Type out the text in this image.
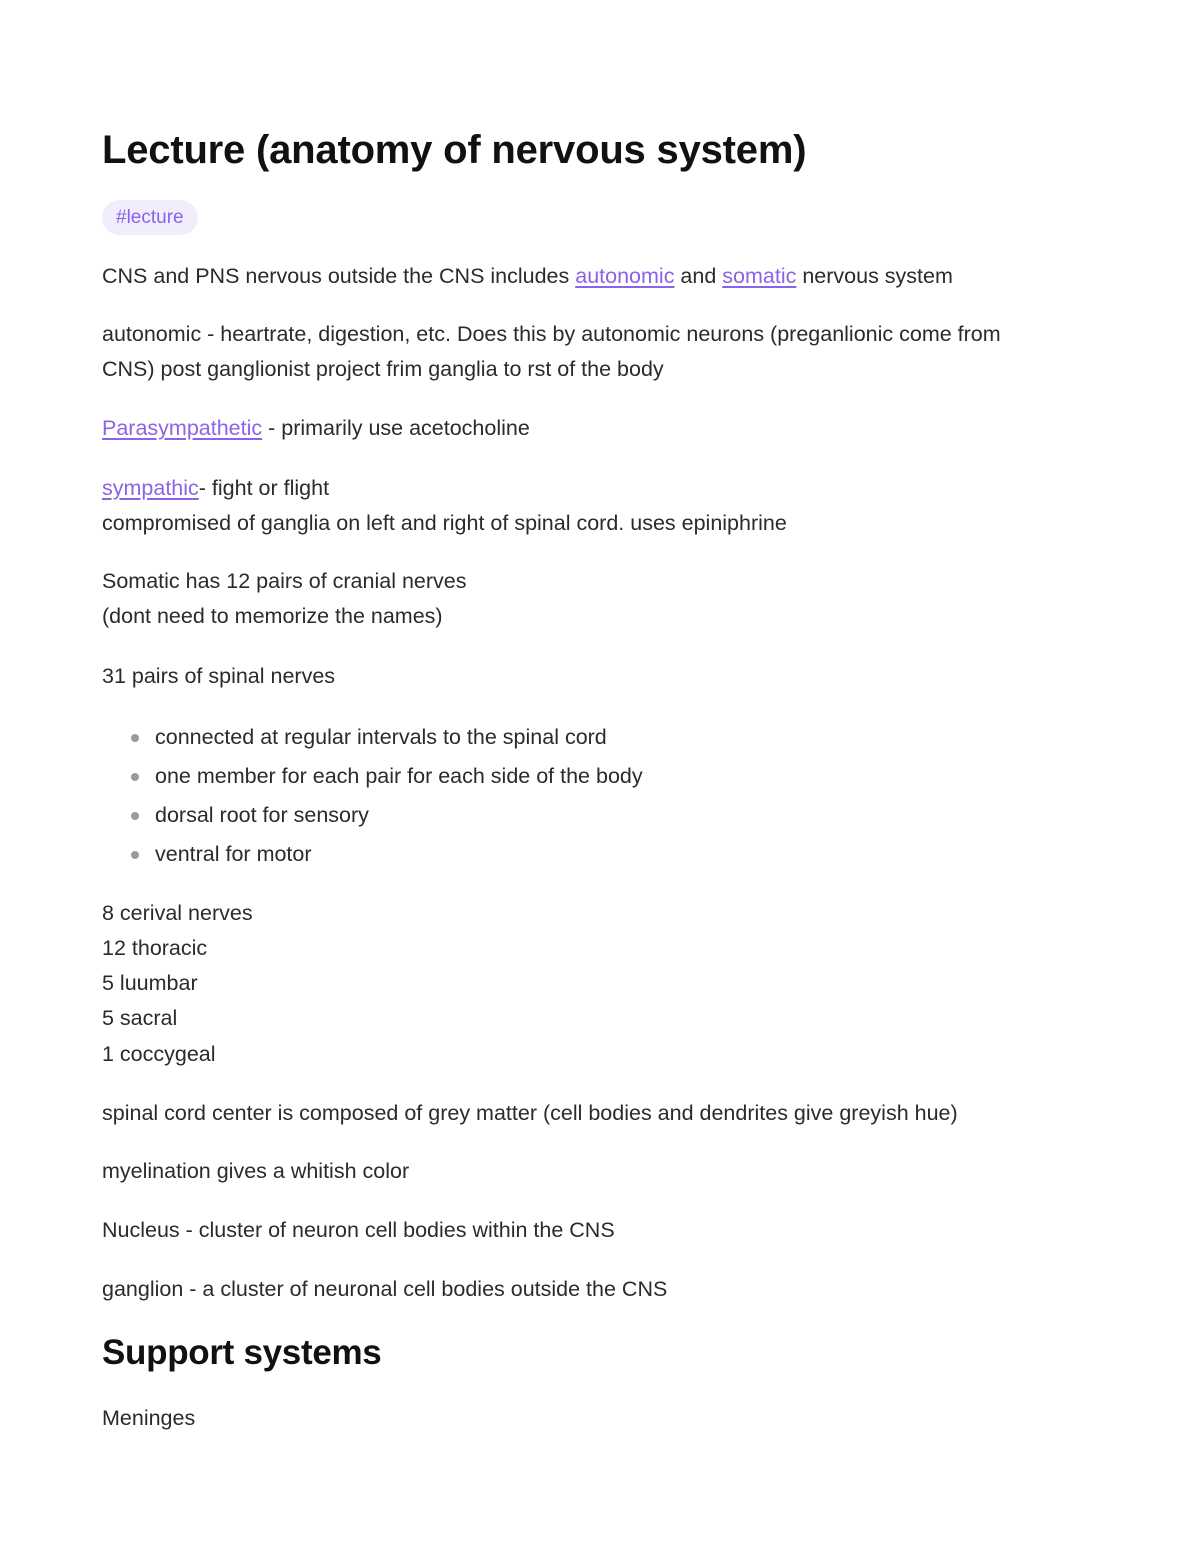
Lecture (anatomy of nervous system)
#lecture

CNS and PNS nervous outside the CNS includes autonomic and somatic nervous system

autonomic - heartrate, digestion, etc. Does this by autonomic neurons (preganlionic come from

CNS) post ganglionist project frim ganglia to rst of the body

Parasympathetic - primarily use acetocholine

sympathic- fight or flight

compromised of ganglia on left and right of spinal cord. uses epiniphrine

Somatic has 12 pairs of cranial nerves

(dont need to memorize the names)

31 pairs of spinal nerves

connected at regular intervals to the spinal cord
one member for each pair for each side of the body
dorsal root for sensory
ventral for motor

8 cerival nerves

12 thoracic

5 luumbar

5 sacral

1 coccygeal

spinal cord center is composed of grey matter (cell bodies and dendrites give greyish hue)

myelination gives a whitish color

Nucleus - cluster of neuron cell bodies within the CNS

ganglion - a cluster of neuronal cell bodies outside the CNS

Support systems

Meninges
